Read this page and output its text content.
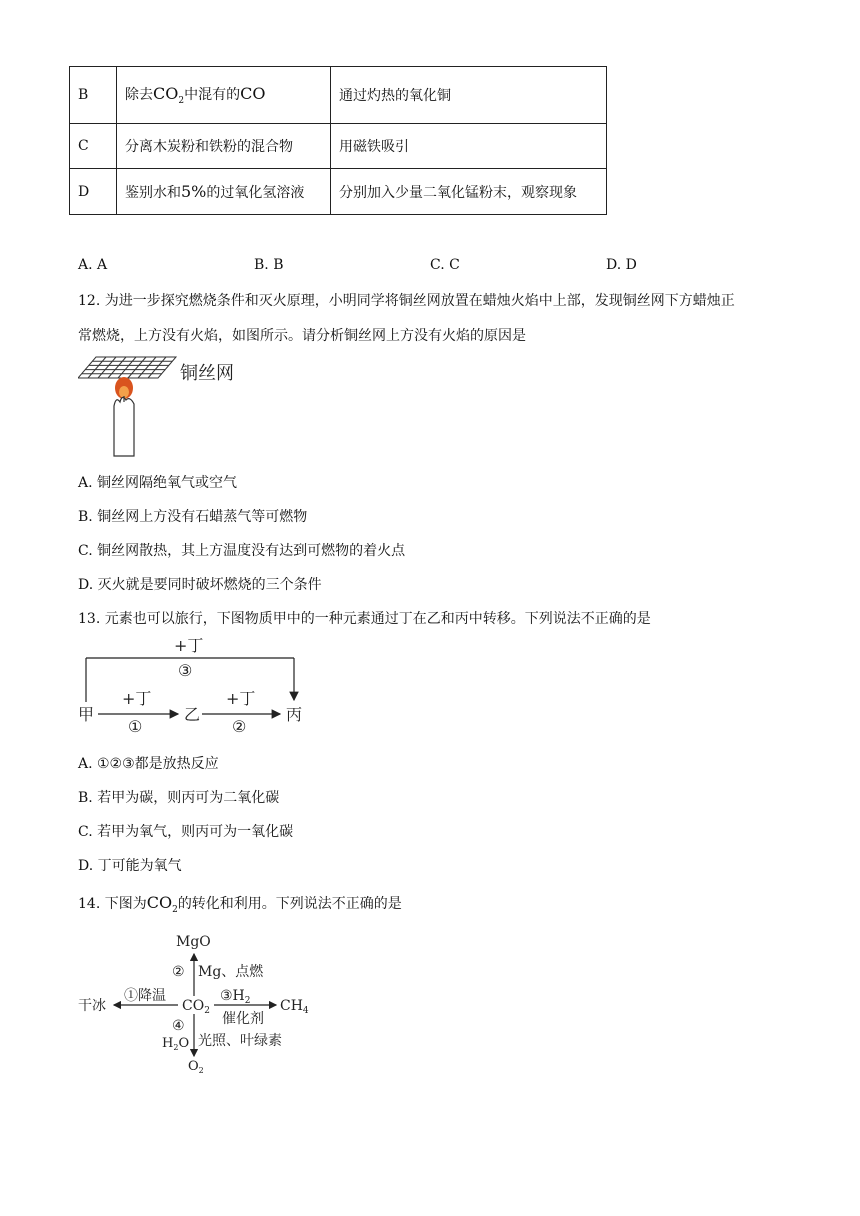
B	除去$CO_2$中混有的CO	通过灼热的氧化铜
C	分离木炭粉和铁粉的混合物	用磁铁吸引
D	鉴别水和5%的过氧化氢溶液	分别加入少量二氧化锰粉末，观察现象
A. A	B. B	C. C	D. D
12. 为进一步探究燃烧条件和灭火原理，小明同学将铜丝网放置在蜡烛火焰中上部，发现铜丝网下方蜡烛正
常燃烧，上方没有火焰，如图所示。请分析铜丝网上方没有火焰的原因是
铜丝网
A. 铜丝网隔绝氧气或空气
B. 铜丝网上方没有石蜡蒸气等可燃物
C. 铜丝网散热，其上方温度没有达到可燃物的着火点
D. 灭火就是要同时破坏燃烧的三个条件
13. 元素也可以旅行，下图物质甲中的一种元素通过丁在乙和丙中转移。下列说法不正确的是
+丁
③
甲
+丁
①
乙
+丁
②
丙
A. ①②③都是放热反应
B. 若甲为碳，则丙可为二氧化碳
C. 若甲为氧气，则丙可为一氧化碳
D. 丁可能为氧气
14. 下图为$CO_2$的转化和利用。下列说法不正确的是
MgO
② Mg、点燃
干冰
①降温
$CO_2$
$③H_2$
催化剂
$CH_4$
④
$H_2O$ 光照、叶绿素
$O_2$
